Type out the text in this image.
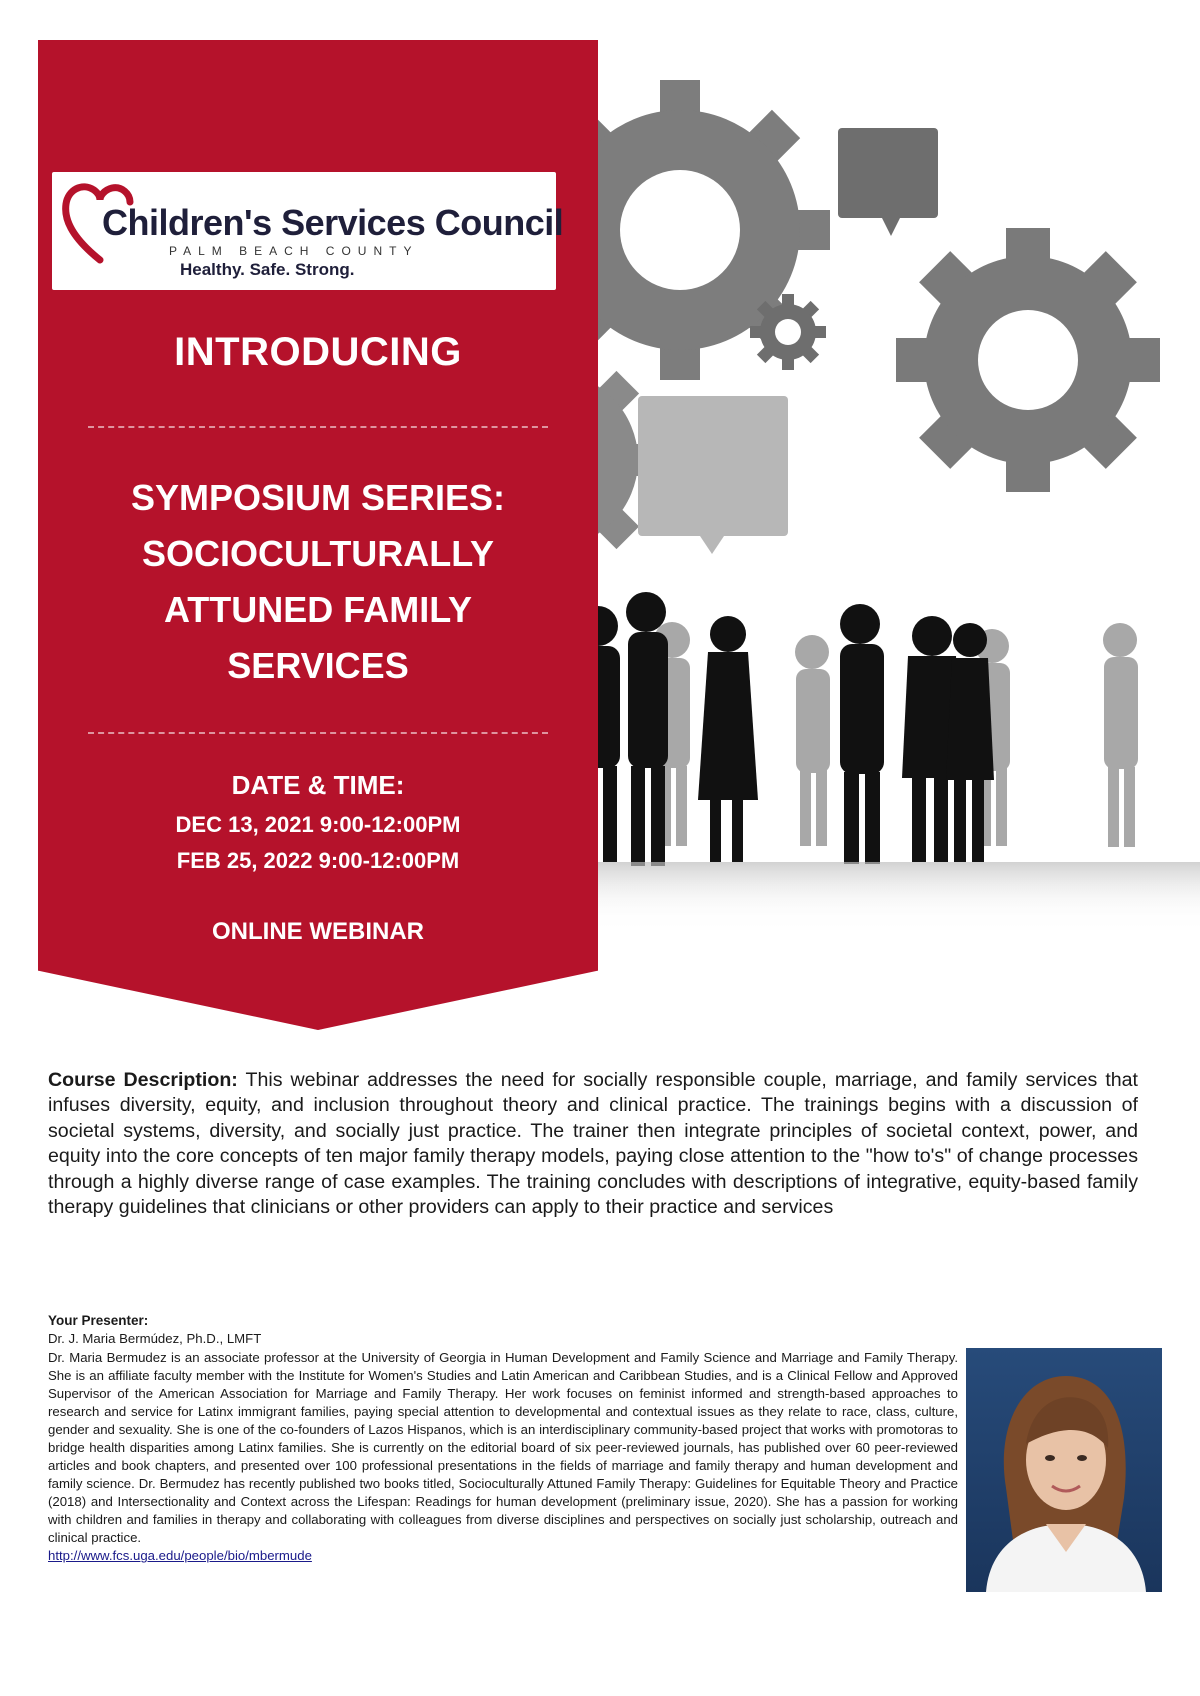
Children's Services Council
PALM BEACH COUNTY
Healthy. Safe. Strong.
INTRODUCING
SYMPOSIUM SERIES:
SOCIOCULTURALLY
ATTUNED FAMILY
SERVICES
DATE & TIME:
DEC 13, 2021 9:00-12:00PM
FEB 25, 2022 9:00-12:00PM
ONLINE WEBINAR
Course Description: This webinar addresses the need for socially responsible couple, marriage, and family services that infuses diversity, equity, and inclusion throughout theory and clinical practice. The trainings begins with a discussion of societal systems, diversity, and socially just practice. The trainer then integrate principles of societal context, power, and equity into the core concepts of ten major family therapy models, paying close attention to the "how to's" of change processes through a highly diverse range of case examples. The training concludes with descriptions of integrative, equity-based family therapy guidelines that clinicians or other providers can apply to their practice and services
Your Presenter:
Dr. J. Maria Bermúdez, Ph.D., LMFT
Dr. Maria Bermudez is an associate professor at the University of Georgia in Human Development and Family Science and Marriage and Family Therapy. She is an affiliate faculty member with the Institute for Women's Studies and Latin American and Caribbean Studies, and is a Clinical Fellow and Approved Supervisor of the American Association for Marriage and Family Therapy. Her work focuses on feminist informed and strength-based approaches to research and service for Latinx immigrant families, paying special attention to developmental and contextual issues as they relate to race, class, culture, gender and sexuality. She is one of the co-founders of Lazos Hispanos, which is an interdisciplinary community-based project that works with promotoras to bridge health disparities among Latinx families. She is currently on the editorial board of six peer-reviewed journals, has published over 60 peer-reviewed articles and book chapters, and presented over 100 professional presentations in the fields of marriage and family therapy and human development and family science. Dr. Bermudez has recently published two books titled, Socioculturally Attuned Family Therapy: Guidelines for Equitable Theory and Practice (2018) and Intersectionality and Context across the Lifespan: Readings for human development (preliminary issue, 2020). She has a passion for working with children and families in therapy and collaborating with colleagues from diverse disciplines and perspectives on socially just scholarship, outreach and clinical practice.
http://www.fcs.uga.edu/people/bio/mbermude
